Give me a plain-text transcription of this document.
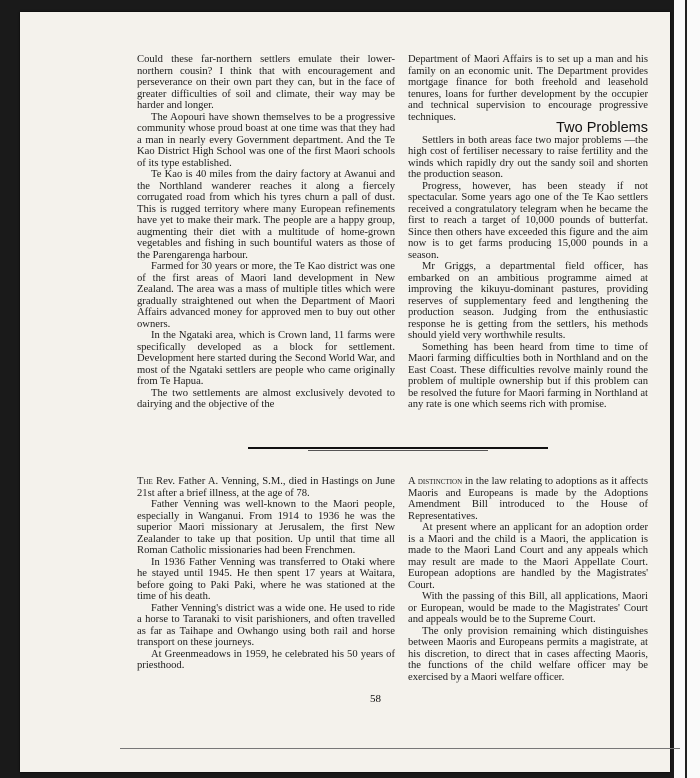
Could these far-northern settlers emulate their lower-northern cousin? I think that with encouragement and perseverance on their own part they can, but in the face of greater difficulties of soil and climate, their way may be harder and longer.

The Aopouri have shown themselves to be a progressive community whose proud boast at one time was that they had a man in nearly every Government department. And the Te Kao District High School was one of the first Maori schools of its type established.

Te Kao is 40 miles from the dairy factory at Awanui and the Northland wanderer reaches it along a fiercely corrugated road from which his tyres churn a pall of dust. This is rugged territory where many European refinements have yet to make their mark. The people are a happy group, augmenting their diet with a multitude of home-grown vegetables and fishing in such bountiful waters as those of the Parengarenga harbour.

Farmed for 30 years or more, the Te Kao district was one of the first areas of Maori land development in New Zealand. The area was a mass of multiple titles which were gradually straightened out when the Department of Maori Affairs advanced money for approved men to buy out other owners.

In the Ngataki area, which is Crown land, 11 farms were specifically developed as a block for settlement. Development here started during the Second World War, and most of the Ngataki settlers are people who came originally from Te Hapua.

The two settlements are almost exclusively devoted to dairying and the objective of the

Department of Maori Affairs is to set up a man and his family on an economic unit. The Department provides mortgage finance for both freehold and leasehold tenures, loans for further development by the occupier and technical supervision to encourage progressive techniques.

Two Problems

Settlers in both areas face two major problems —the high cost of fertiliser necessary to raise fertility and the winds which rapidly dry out the sandy soil and shorten the production season.

Progress, however, has been steady if not spectacular. Some years ago one of the Te Kao settlers received a congratulatory telegram when he became the first to reach a target of 10,000 pounds of butterfat. Since then others have exceeded this figure and the aim now is to get farms producing 15,000 pounds in a season.

Mr Griggs, a departmental field officer, has embarked on an ambitious programme aimed at improving the kikuyu-dominant pastures, providing reserves of supplementary feed and lengthening the production season. Judging from the enthusiastic response he is getting from the settlers, his methods should yield very worthwhile results.

Something has been heard from time to time of Maori farming difficulties both in Northland and on the East Coast. These difficulties revolve mainly round the problem of multiple ownership but if this problem can be resolved the future for Maori farming in Northland at any rate is one which seems rich with promise.

The Rev. Father A. Venning, S.M., died in Hastings on June 21st after a brief illness, at the age of 78.

Father Venning was well-known to the Maori people, especially in Wanganui. From 1914 to 1936 he was the superior Maori missionary at Jerusalem, the first New Zealander to take up that position. Up until that time all Roman Catholic missionaries had been Frenchmen.

In 1936 Father Venning was transferred to Otaki where he stayed until 1945. He then spent 17 years at Waitara, before going to Paki Paki, where he was stationed at the time of his death.

Father Venning's district was a wide one. He used to ride a horse to Taranaki to visit parishioners, and often travelled as far as Taihape and Owhango using both rail and horse transport on these journeys.

At Greenmeadows in 1959, he celebrated his 50 years of priesthood.

A distinction in the law relating to adoptions as it affects Maoris and Europeans is made by the Adoptions Amendment Bill introduced to the House of Representatives.

At present where an applicant for an adoption order is a Maori and the child is a Maori, the application is made to the Maori Land Court and any appeals which may result are made to the Maori Appellate Court. European adoptions are handled by the Magistrates' Court.

With the passing of this Bill, all applications, Maori or European, would be made to the Magistrates' Court and appeals would be to the Supreme Court.

The only provision remaining which distinguishes between Maoris and Europeans permits a magistrate, at his discretion, to direct that in cases affecting Maoris, the functions of the child welfare officer may be exercised by a Maori welfare officer.

58
